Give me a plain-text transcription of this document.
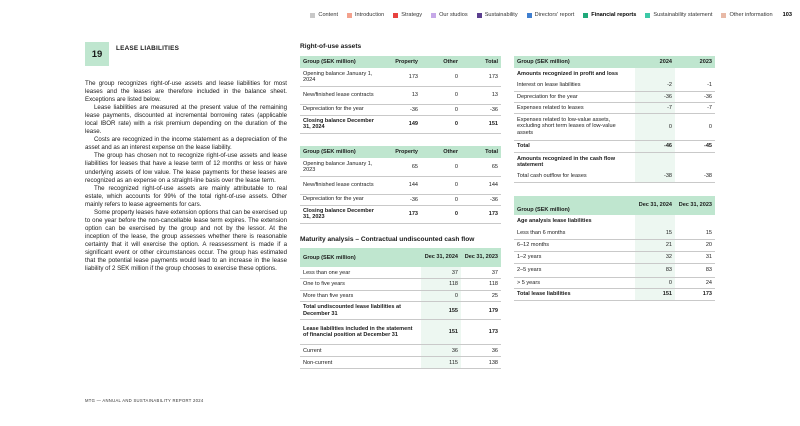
Content	Introduction	Strategy	Our studios	Sustainability	Directors' report	Financial reports	Sustainability statement	Other information 103
19	LEASE LIABILITIES

The group recognizes right-of-use assets and lease liabilities for most leases and the leases are therefore included in the balance sheet. Exceptions are listed below.

Lease liabilities are measured at the present value of the remaining lease payments, discounted at incremental borrowing rates (applicable local IBOR rate) with a risk premium depending on the duration of the lease.

Costs are recognized in the income statement as a depreciation of the asset and as an interest expense on the lease liability.

The group has chosen not to recognize right-of-use assets and lease liabilities for leases that have a lease term of 12 months or less or have underlying assets of low value. The lease payments for these leases are recognized as an expense on a straight-line basis over the lease term.

The recognized right-of-use assets are mainly attributable to real estate, which accounts for 99% of the total right-of-use assets. Other mainly refers to lease agreements for cars.

Some property leases have extension options that can be exercised up to one year before the non-cancellable lease term expires. The extension option can be exercised by the group and not by the lessor. At the inception of the lease, the group assesses whether there is reasonable certainty that it will exercise the option. A reassessment is made if a significant event or other circumstances occur. The group has estimated that the potential lease payments would lead to an increase in the lease liability of 2 SEK million if the group chooses to exercise these options.

MTG — ANNUAL AND SUSTAINABILITY REPORT 2024
Right-of-use assets
Group (SEK million)	Property	Other	Total
Opening balance January 1, 2024	173	0	173
New/finished lease contracts	13	0	13
Depreciation for the year	-36	0	-36
Closing balance December 31, 2024	149	0	151
Group (SEK million)	Property	Other	Total
Opening balance January 1, 2023	65	0	65
New/finished lease contracts	144	0	144
Depreciation for the year	-36	0	-36
Closing balance December 31, 2023	173	0	173
Maturity analysis – Contractual undiscounted cash flow
Group (SEK million)	Dec 31, 2024	Dec 31, 2023

Less than one year	37	37
One to five years	118	118
More than five years	0	25
Total undiscounted lease liabilities at December 31	155	179
Lease liabilities included in the statement of financial position at December 31	151	173
Current	36	36
Non-current	115	138
Group (SEK million)	2024	2023
Amounts recognized in profit and loss		
Interest on lease liabilities	-2	-1
Depreciation for the year	-36	-36
Expenses related to leases	-7	-7
Expenses related to low-value assets, excluding short term leases of low-value assets	0	0
Total	-46	-45
Amounts recognized in the cash flow statement		
Total cash outflow for leases	-38	-38
Group (SEK million)	Dec 31, 2024	Dec 31, 2023

Age analysis lease liabilities		
Less than 6 months	15	15
6–12 months	21	20
1–2 years	32	31
2–5 years	83	83
> 5 years	0	24
Total lease liabilities	151	173
